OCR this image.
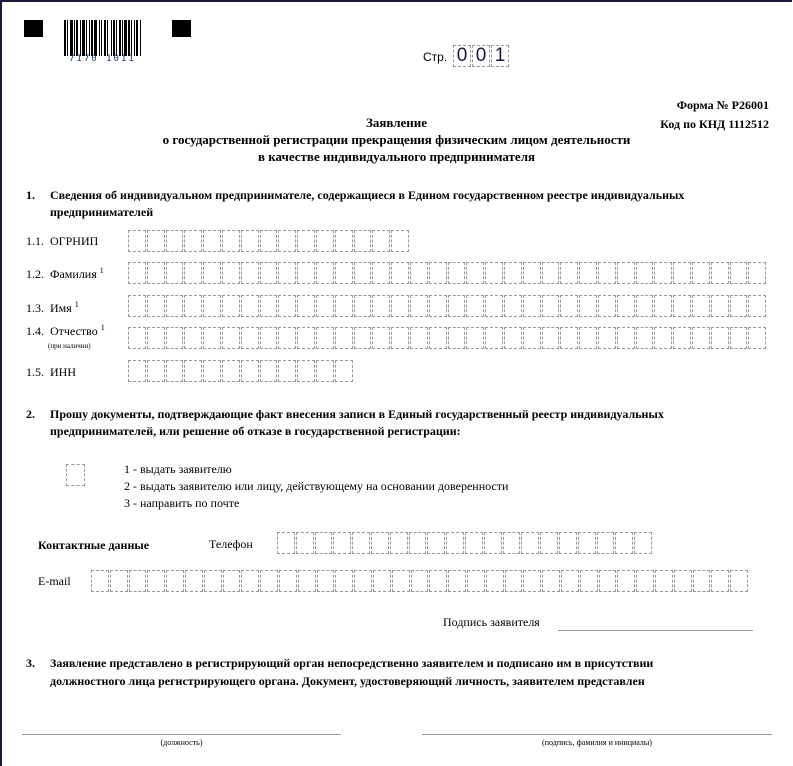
7170 1011	Стр. 0 0 1
Форма № Р26001
Код по КНД 1112512
Заявление
о государственной регистрации прекращения физическим лицом деятельности
в качестве индивидуального предпринимателя
1. Сведения об индивидуальном предпринимателе, содержащиеся в Едином государственном реестре индивидуальных
предпринимателей
1.1. ОГРНИП
1.2. Фамилия $^1$
1.3. Имя $^1$
1.4. Отчество $^1$
(при наличии)
1.5. ИНН
2. Прошу документы, подтверждающие факт внесения записи в Единый государственный реестр индивидуальных
предпринимателей, или решение об отказе в государственной регистрации:
1 - выдать заявителю
2 - выдать заявителю или лицу, действующему на основании доверенности
3 - направить по почте
Контактные данные	Телефон
E-mail
Подпись заявителя
3. Заявление представлено в регистрирующий орган непосредственно заявителем и подписано им в присутствии
должностного лица регистрирующего органа. Документ, удостоверяющий личность, заявителем представлен
(должность)	(подпись, фамилия и инициалы)
